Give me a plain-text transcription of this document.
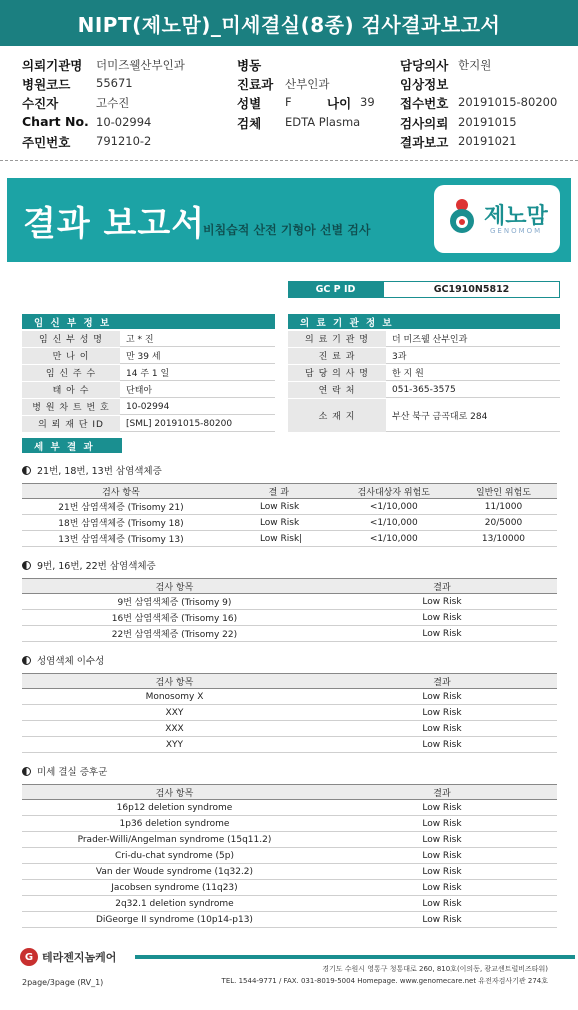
NIPT(제노맘)_미세결실(8종) 검사결과보고서
의뢰기관명 더미즈웰산부인과
병원코드 55671
수진자	고수진
Chart No. 10-02994
주민번호 791210-2
병동
진료과 산부인과
성별 F	나이 39
검체 EDTA Plasma
담당의사 한지원
임상정보
접수번호 20191015-80200
검사의뢰 20191015
결과보고 20191021
결과 보고서
비침습적 산전 기형아 선별 검사
제노맘
GENOMOM
GC P ID	GC1910N5812
임 신 부 정 보	의 료 기 관 정 보
임 신 부 성 명	고 * 진
만 나 이	만 39 세
임 신 주 수	14 주 1 일
태 아 수	단태아
병 원 차 트 번 호	10-02994
의 뢰 재 단 ID	[SML] 20191015-80200
의 료 기 관 명	더 미즈웰 산부인과
진 료 과	3과
담 당 의 사 명	한 지 원
연 락 처	051-365-3575
소 재 지	부산 북구 금곡대로 284
세 부 결 과
21번, 18번, 13번 삼염색체증
검사 항목	결 과	검사대상자 위험도	일반인 위험도
21번 삼염색체증 (Trisomy 21)	Low Risk	<1/10,000	11/1000
18번 삼염색체증 (Trisomy 18)	Low Risk	<1/10,000	20/5000
13번 삼염색체증 (Trisomy 13)	Low Risk|	<1/10,000	13/10000
9번, 16번, 22번 삼염색체증
검사 항목	결과
9번 삼염색체증 (Trisomy 9)	Low Risk
16번 삼염색체증 (Trisomy 16)	Low Risk
22번 삼염색체증 (Trisomy 22)	Low Risk
성염색체 이수성
검사 항목	결과
Monosomy X	Low Risk
XXY	Low Risk
XXX	Low Risk
XYY	Low Risk
미세 결실 증후군
검사 항목	결과
16p12 deletion syndrome	Low Risk
1p36 deletion syndrome	Low Risk
Prader-Willi/Angelman syndrome (15q11.2)	Low Risk
Cri-du-chat syndrome (5p)	Low Risk
Van der Woude syndrome (1q32.2)	Low Risk
Jacobsen syndrome (11q23)	Low Risk
2q32.1 deletion syndrome	Low Risk
DiGeorge II syndrome (10p14-p13)	Low Risk
G 테라젠지놈케어
경기도 수원시 영통구 청통대로 260, 810호(이의동, 광교센트럴비즈타워)
TEL. 1544-9771 / FAX. 031-8019-5004 Homepage. www.genomecare.net 유전자검사기관 274호
2page/3page (RV_1)
